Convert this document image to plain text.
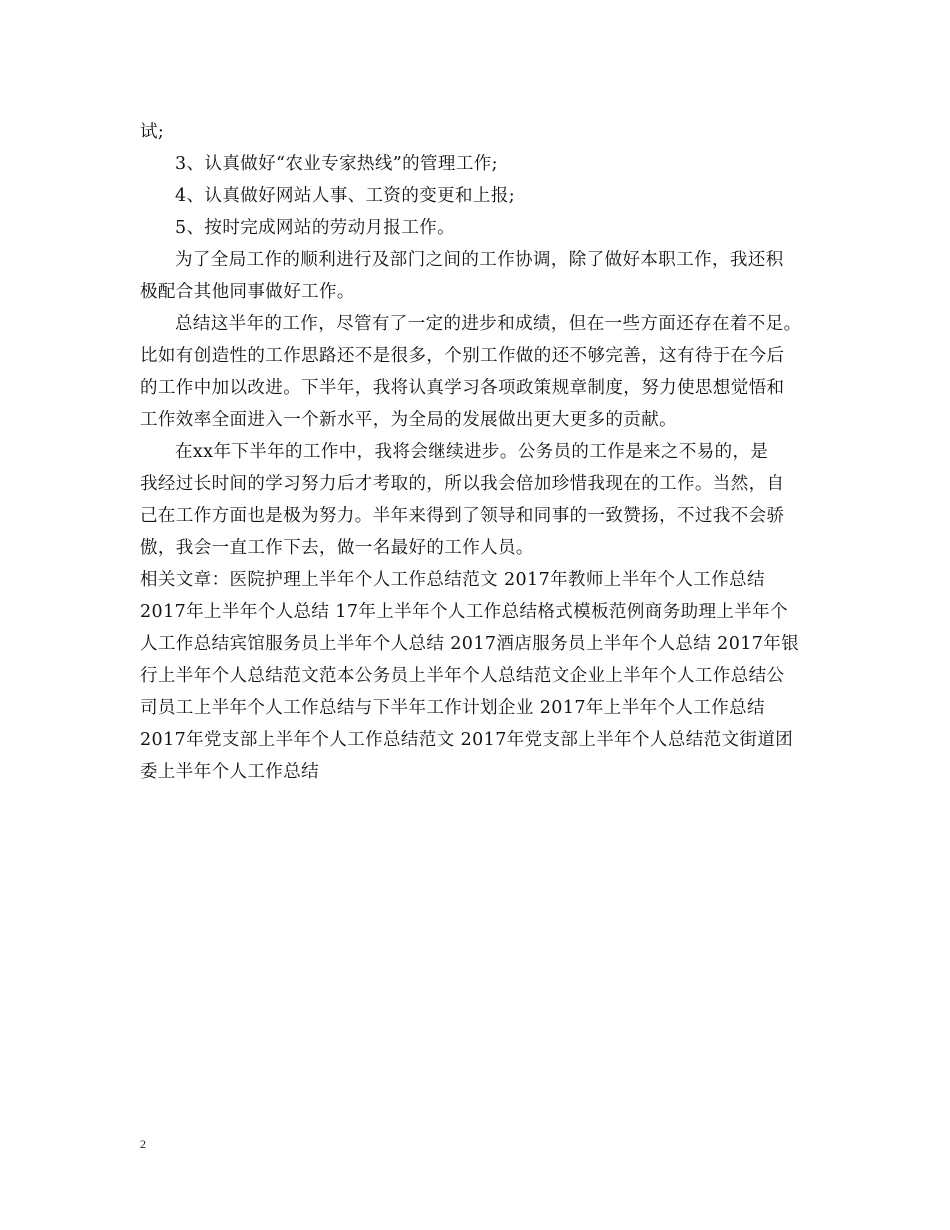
试;
3、认真做好“农业专家热线”的管理工作;
4、认真做好网站人事、工资的变更和上报;
5、按时完成网站的劳动月报工作。
为了全局工作的顺利进行及部门之间的工作协调，除了做好本职工作，我还积
极配合其他同事做好工作。
总结这半年的工作，尽管有了一定的进步和成绩，但在一些方面还存在着不足。
比如有创造性的工作思路还不是很多，个别工作做的还不够完善，这有待于在今后
的工作中加以改进。下半年，我将认真学习各项政策规章制度，努力使思想觉悟和
工作效率全面进入一个新水平，为全局的发展做出更大更多的贡献。
在xx年下半年的工作中，我将会继续进步。公务员的工作是来之不易的，是
我经过长时间的学习努力后才考取的，所以我会倍加珍惜我现在的工作。当然，自
己在工作方面也是极为努力。半年来得到了领导和同事的一致赞扬，不过我不会骄
傲，我会一直工作下去，做一名最好的工作人员。
相关文章：医院护理上半年个人工作总结范文 2017年教师上半年个人工作总结
2017年上半年个人总结 17年上半年个人工作总结格式模板范例商务助理上半年个
人工作总结宾馆服务员上半年个人总结 2017酒店服务员上半年个人总结 2017年银
行上半年个人总结范文范本公务员上半年个人总结范文企业上半年个人工作总结公
司员工上半年个人工作总结与下半年工作计划企业 2017年上半年个人工作总结
2017年党支部上半年个人工作总结范文 2017年党支部上半年个人总结范文街道团
委上半年个人工作总结
2
